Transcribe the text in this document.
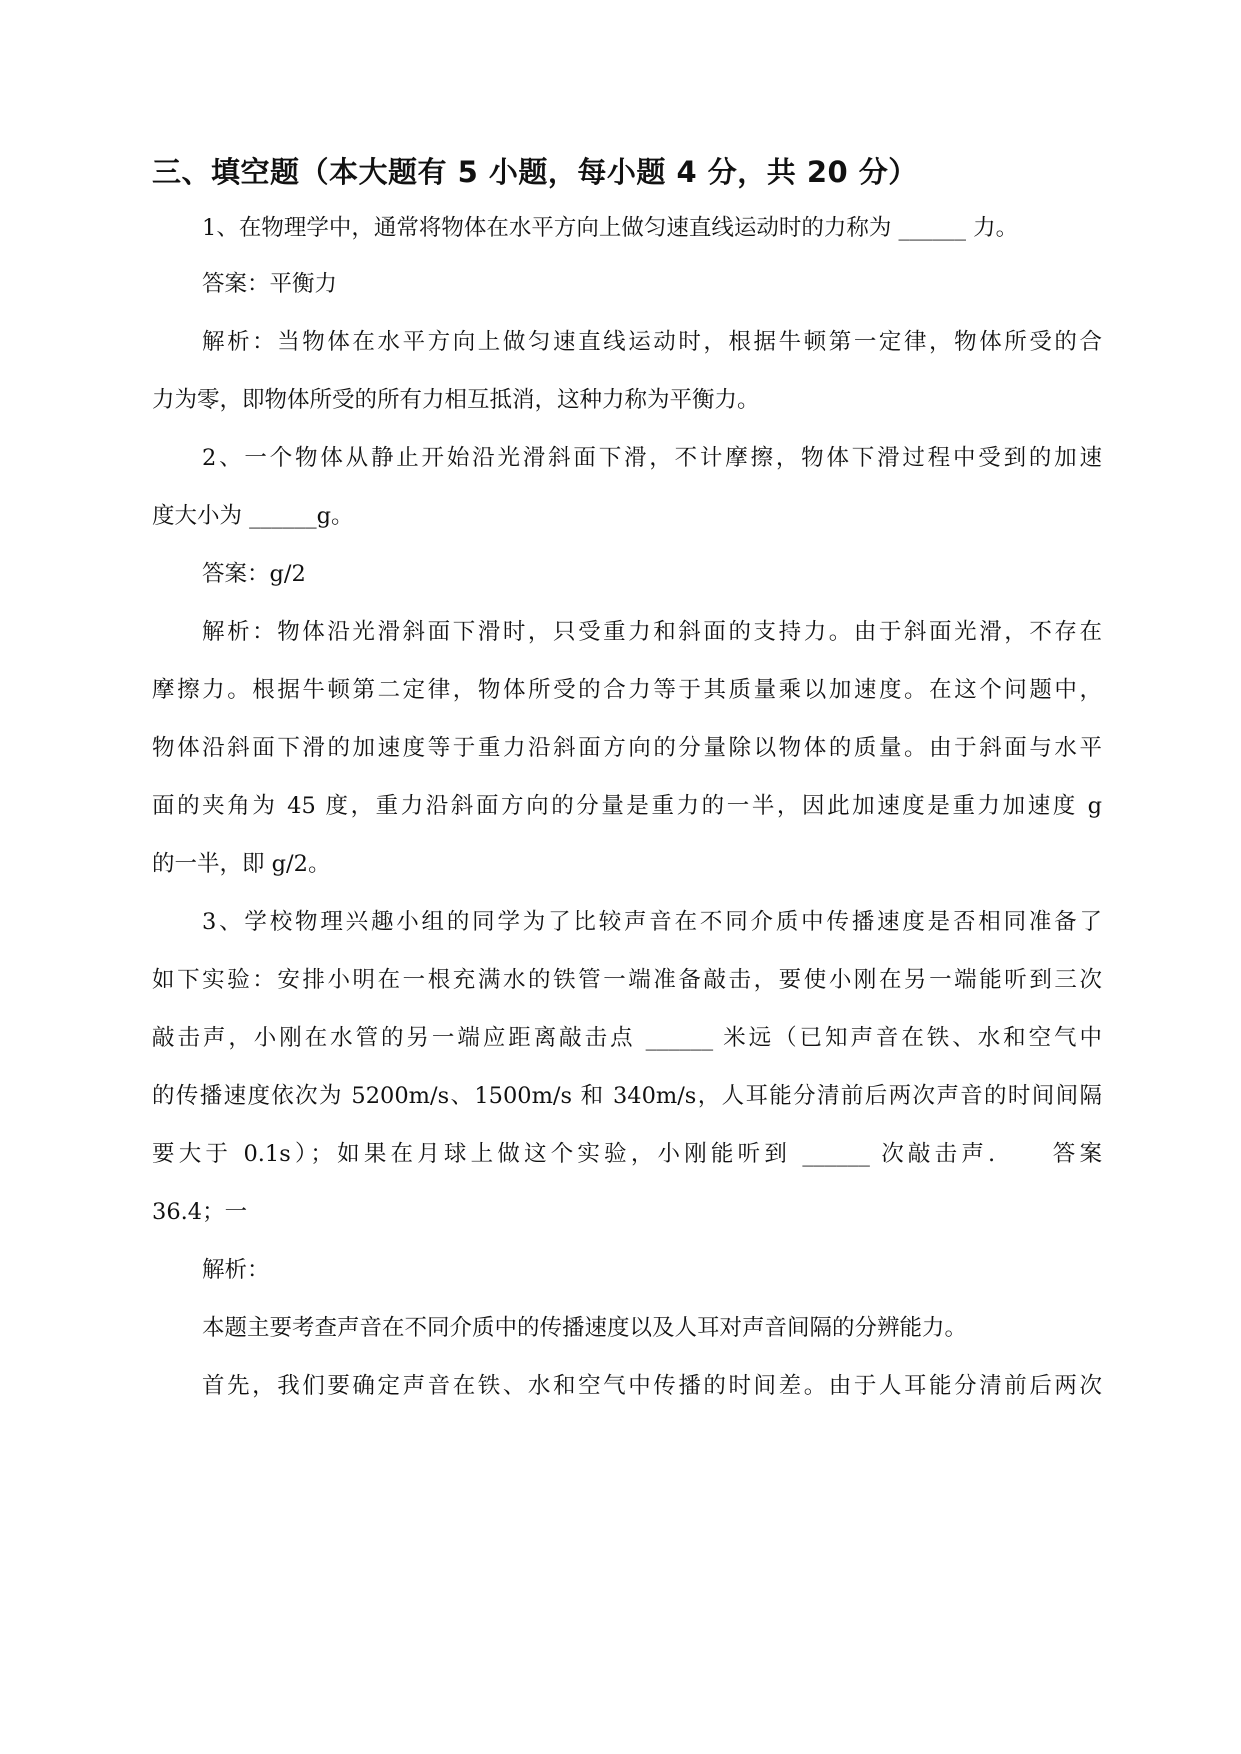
三、填空题（本大题有 5 小题，每小题 4 分，共 20 分）
1、在物理学中，通常将物体在水平方向上做匀速直线运动时的力称为 ______ 力。
答案：平衡力
解析：当物体在水平方向上做匀速直线运动时，根据牛顿第一定律，物体所受的合
力为零，即物体所受的所有力相互抵消，这种力称为平衡力。
2、一个物体从静止开始沿光滑斜面下滑，不计摩擦，物体下滑过程中受到的加速
度大小为 ______g。
答案：g/2
解析：物体沿光滑斜面下滑时，只受重力和斜面的支持力。由于斜面光滑，不存在
摩擦力。根据牛顿第二定律，物体所受的合力等于其质量乘以加速度。在这个问题中，
物体沿斜面下滑的加速度等于重力沿斜面方向的分量除以物体的质量。由于斜面与水平
面的夹角为 45 度，重力沿斜面方向的分量是重力的一半，因此加速度是重力加速度 g
的一半，即 g/2。
3、学校物理兴趣小组的同学为了比较声音在不同介质中传播速度是否相同准备了
如下实验：安排小明在一根充满水的铁管一端准备敲击，要使小刚在另一端能听到三次
敲击声，小刚在水管的另一端应距离敲击点 ______ 米远（已知声音在铁、水和空气中
的传播速度依次为 5200m/s、1500m/s 和 340m/s，人耳能分清前后两次声音的时间间隔
要大于 0.1s）；如果在月球上做这个实验，小刚能听到 ______ 次敲击声.　　答案
36.4；一
解析：
本题主要考查声音在不同介质中的传播速度以及人耳对声音间隔的分辨能力。
首先，我们要确定声音在铁、水和空气中传播的时间差。由于人耳能分清前后两次
